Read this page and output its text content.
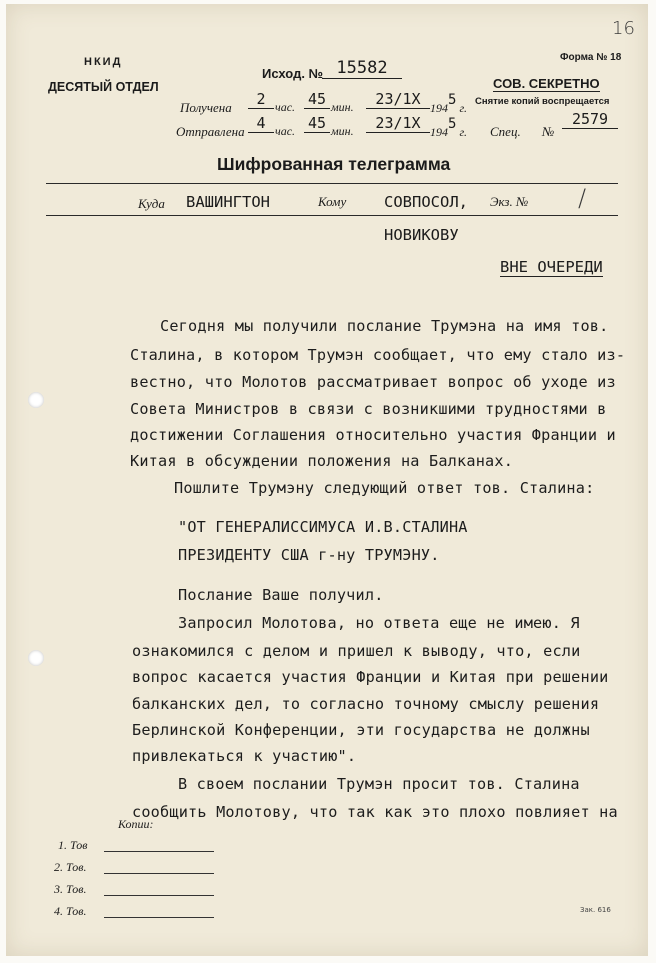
16
НКИД
ДЕСЯТЫЙ ОТДЕЛ
Исход. № 15582
Форма № 18
СОВ. СЕКРЕТНО
Снятие копий воспрещается
Получена	2 час. 45 мин.	23/1Х 1945 г.
Отправлена 4 час. 45 мин.	23/1Х 1945 г. Спец. №
2579
Шифрованная телеграмма
Куда ВАШИНГТОН	Кому СОВПОСОЛ, Экз. № /
НОВИКОВУ
ВНЕ ОЧЕРЕДИ
Сегодня мы получили послание Трумэна на имя тов.
Сталина, в котором Трумэн сообщает, что ему стало из-
вестно, что Молотов рассматривает вопрос об уходе из
Совета Министров в связи с возникшими трудностями в
достижении Соглашения относительно участия Франции и
Китая в обсуждении положения на Балканах.
Пошлите Трумэну следующий ответ тов. Сталина:
"ОТ ГЕНЕРАЛИССИМУСА И.В.СТАЛИНА
ПРЕЗИДЕНТУ США г-ну ТРУМЭНУ.
Послание Ваше получил.
Запросил Молотова, но ответа еще не имею. Я
ознакомился с делом и пришел к выводу, что, если
вопрос касается участия Франции и Китая при решении
балканских дел, то согласно точному смыслу решения
Берлинской Конференции, эти государства не должны
привлекаться к участию".
В своем послании Трумэн просит тов. Сталина
сообщить Молотову, что так как это плохо повлияет на
Копии:
1. Тов
2. Тов.
3. Тов.
4. Тов.	Зак. 616
